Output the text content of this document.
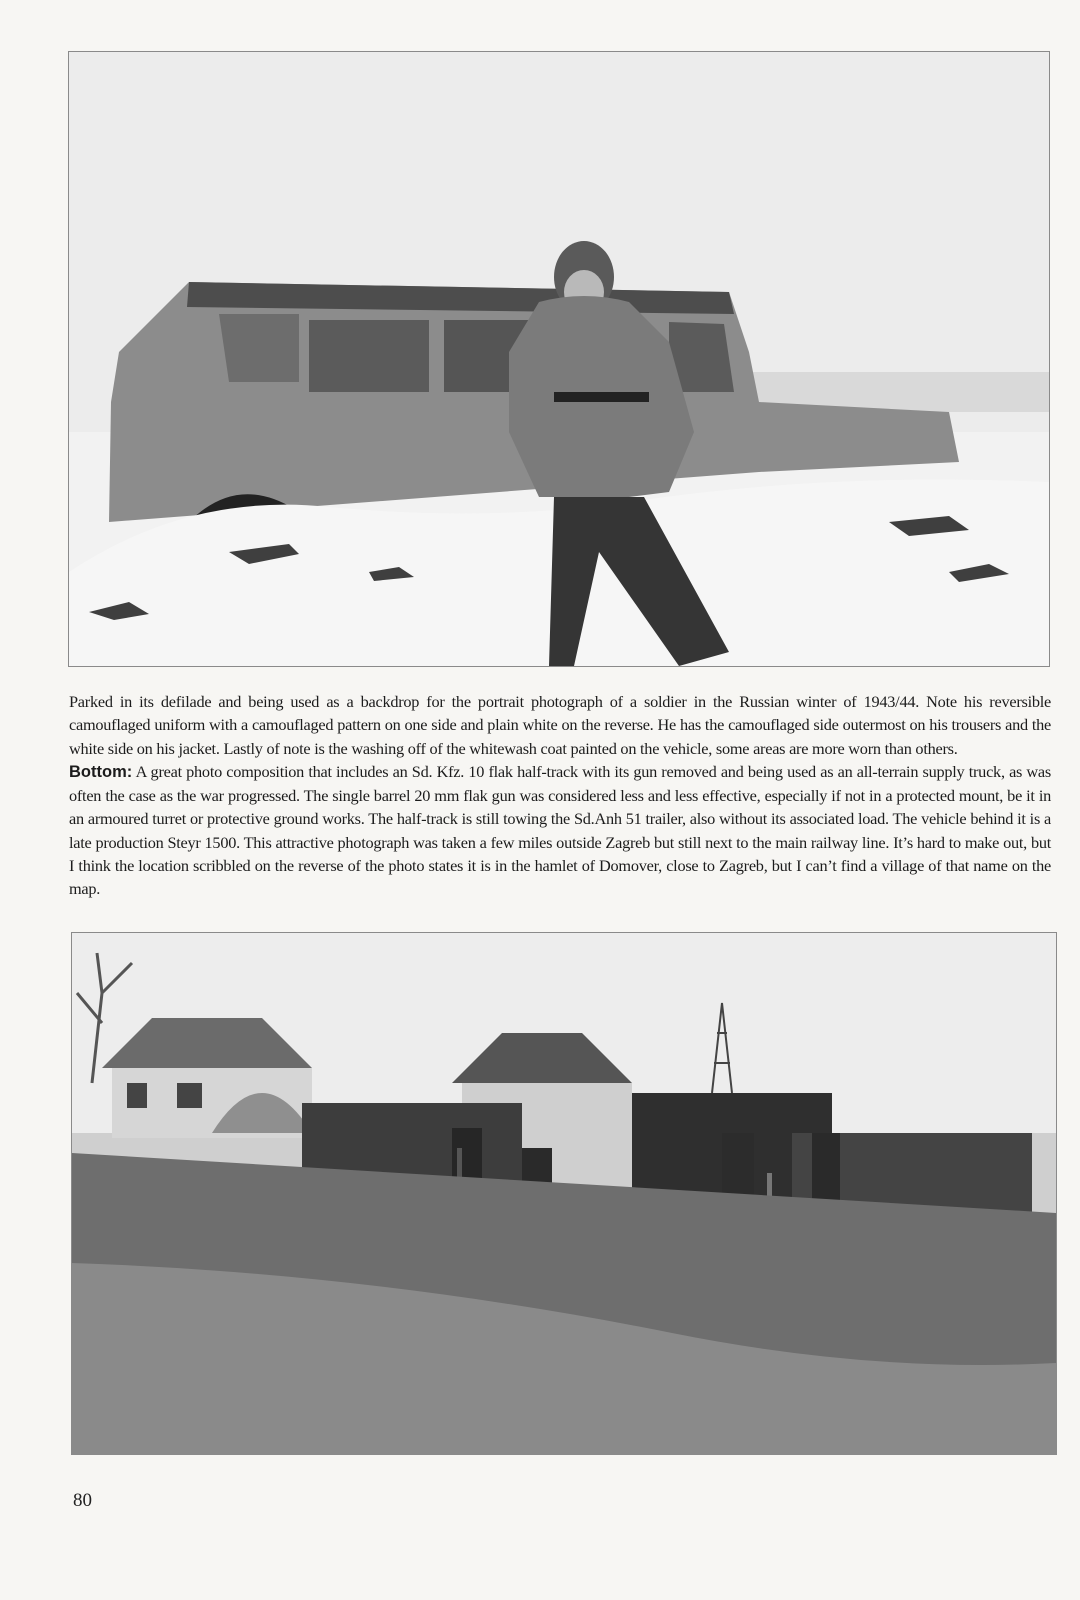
Parked in its defilade and being used as a backdrop for the portrait photograph of a soldier in the Russian winter of 1943/44. Note his reversible camouflaged uniform with a camouflaged pattern on one side and plain white on the reverse. He has the camouflaged side outermost on his trousers and the white side on his jacket. Lastly of note is the washing off of the whitewash coat painted on the vehicle, some areas are more worn than others.

Bottom: A great photo composition that includes an Sd. Kfz. 10 flak half-track with its gun removed and being used as an all-terrain supply truck, as was often the case as the war progressed. The single barrel 20 mm flak gun was considered less and less effective, especially if not in a protected mount, be it in an armoured turret or protective ground works. The half-track is still towing the Sd.Anh 51 trailer, also without its associated load. The vehicle behind it is a late production Steyr 1500. This attractive photograph was taken a few miles outside Zagreb but still next to the main railway line. It’s hard to make out, but I think the location scribbled on the reverse of the photo states it is in the hamlet of Domover, close to Zagreb, but I can’t find a village of that name on the map.

80
